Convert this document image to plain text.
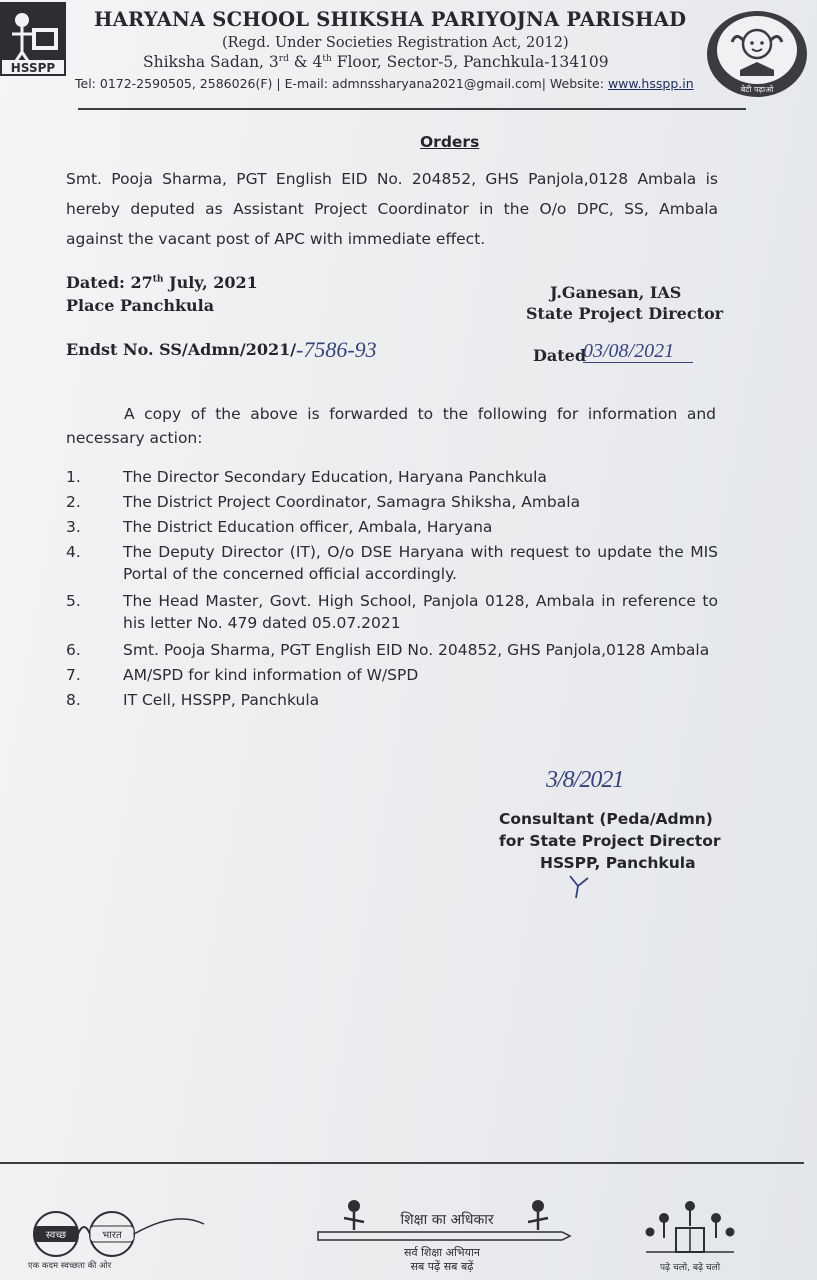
HSSPP
HARYANA SCHOOL SHIKSHA PARIYOJNA PARISHAD
(Regd. Under Societies Registration Act, 2012)
Shiksha Sadan, 3rd & 4th Floor, Sector-5, Panchkula-134109
Tel: 0172-2590505, 2586026(F) | E-mail: admnssharyana2021@gmail.com| Website: www.hsspp.in	बेटी पढ़ाओ
Orders
Smt. Pooja Sharma, PGT English EID No. 204852, GHS Panjola,0128 Ambala is hereby deputed as Assistant Project Coordinator in the O/o DPC, SS, Ambala against the vacant post of APC with immediate effect.
Dated: 27th July, 2021
Place Panchkula
J.Ganesan, IAS
State Project Director
Endst No. SS/Admn/2021/ -7586-93	Dated
03/08/2021
A copy of the above is forwarded to the following for information and necessary action:
1.	The Director Secondary Education, Haryana Panchkula
2.	The District Project Coordinator, Samagra Shiksha, Ambala
3.	The District Education officer, Ambala, Haryana
4.	The Deputy Director (IT), O/o DSE Haryana with request to update the MIS Portal of the concerned official accordingly.
5.	The Head Master, Govt. High School, Panjola 0128, Ambala in reference to his letter No. 479 dated 05.07.2021
6.	Smt. Pooja Sharma, PGT English EID No. 204852, GHS Panjola,0128 Ambala
7.	AM/SPD for kind information of W/SPD
8.	IT Cell, HSSPP, Panchkula
3/8/2021
Consultant (Peda/Admn)
for State Project Director
HSSPP, Panchkula
स्वच्छ	भारत
एक कदम स्वच्छता की ओर
शिक्षा का अधिकार
सर्व शिक्षा अभियान
सब पढ़ें सब बढ़ें	पढ़े चलो, बढ़े चलो
